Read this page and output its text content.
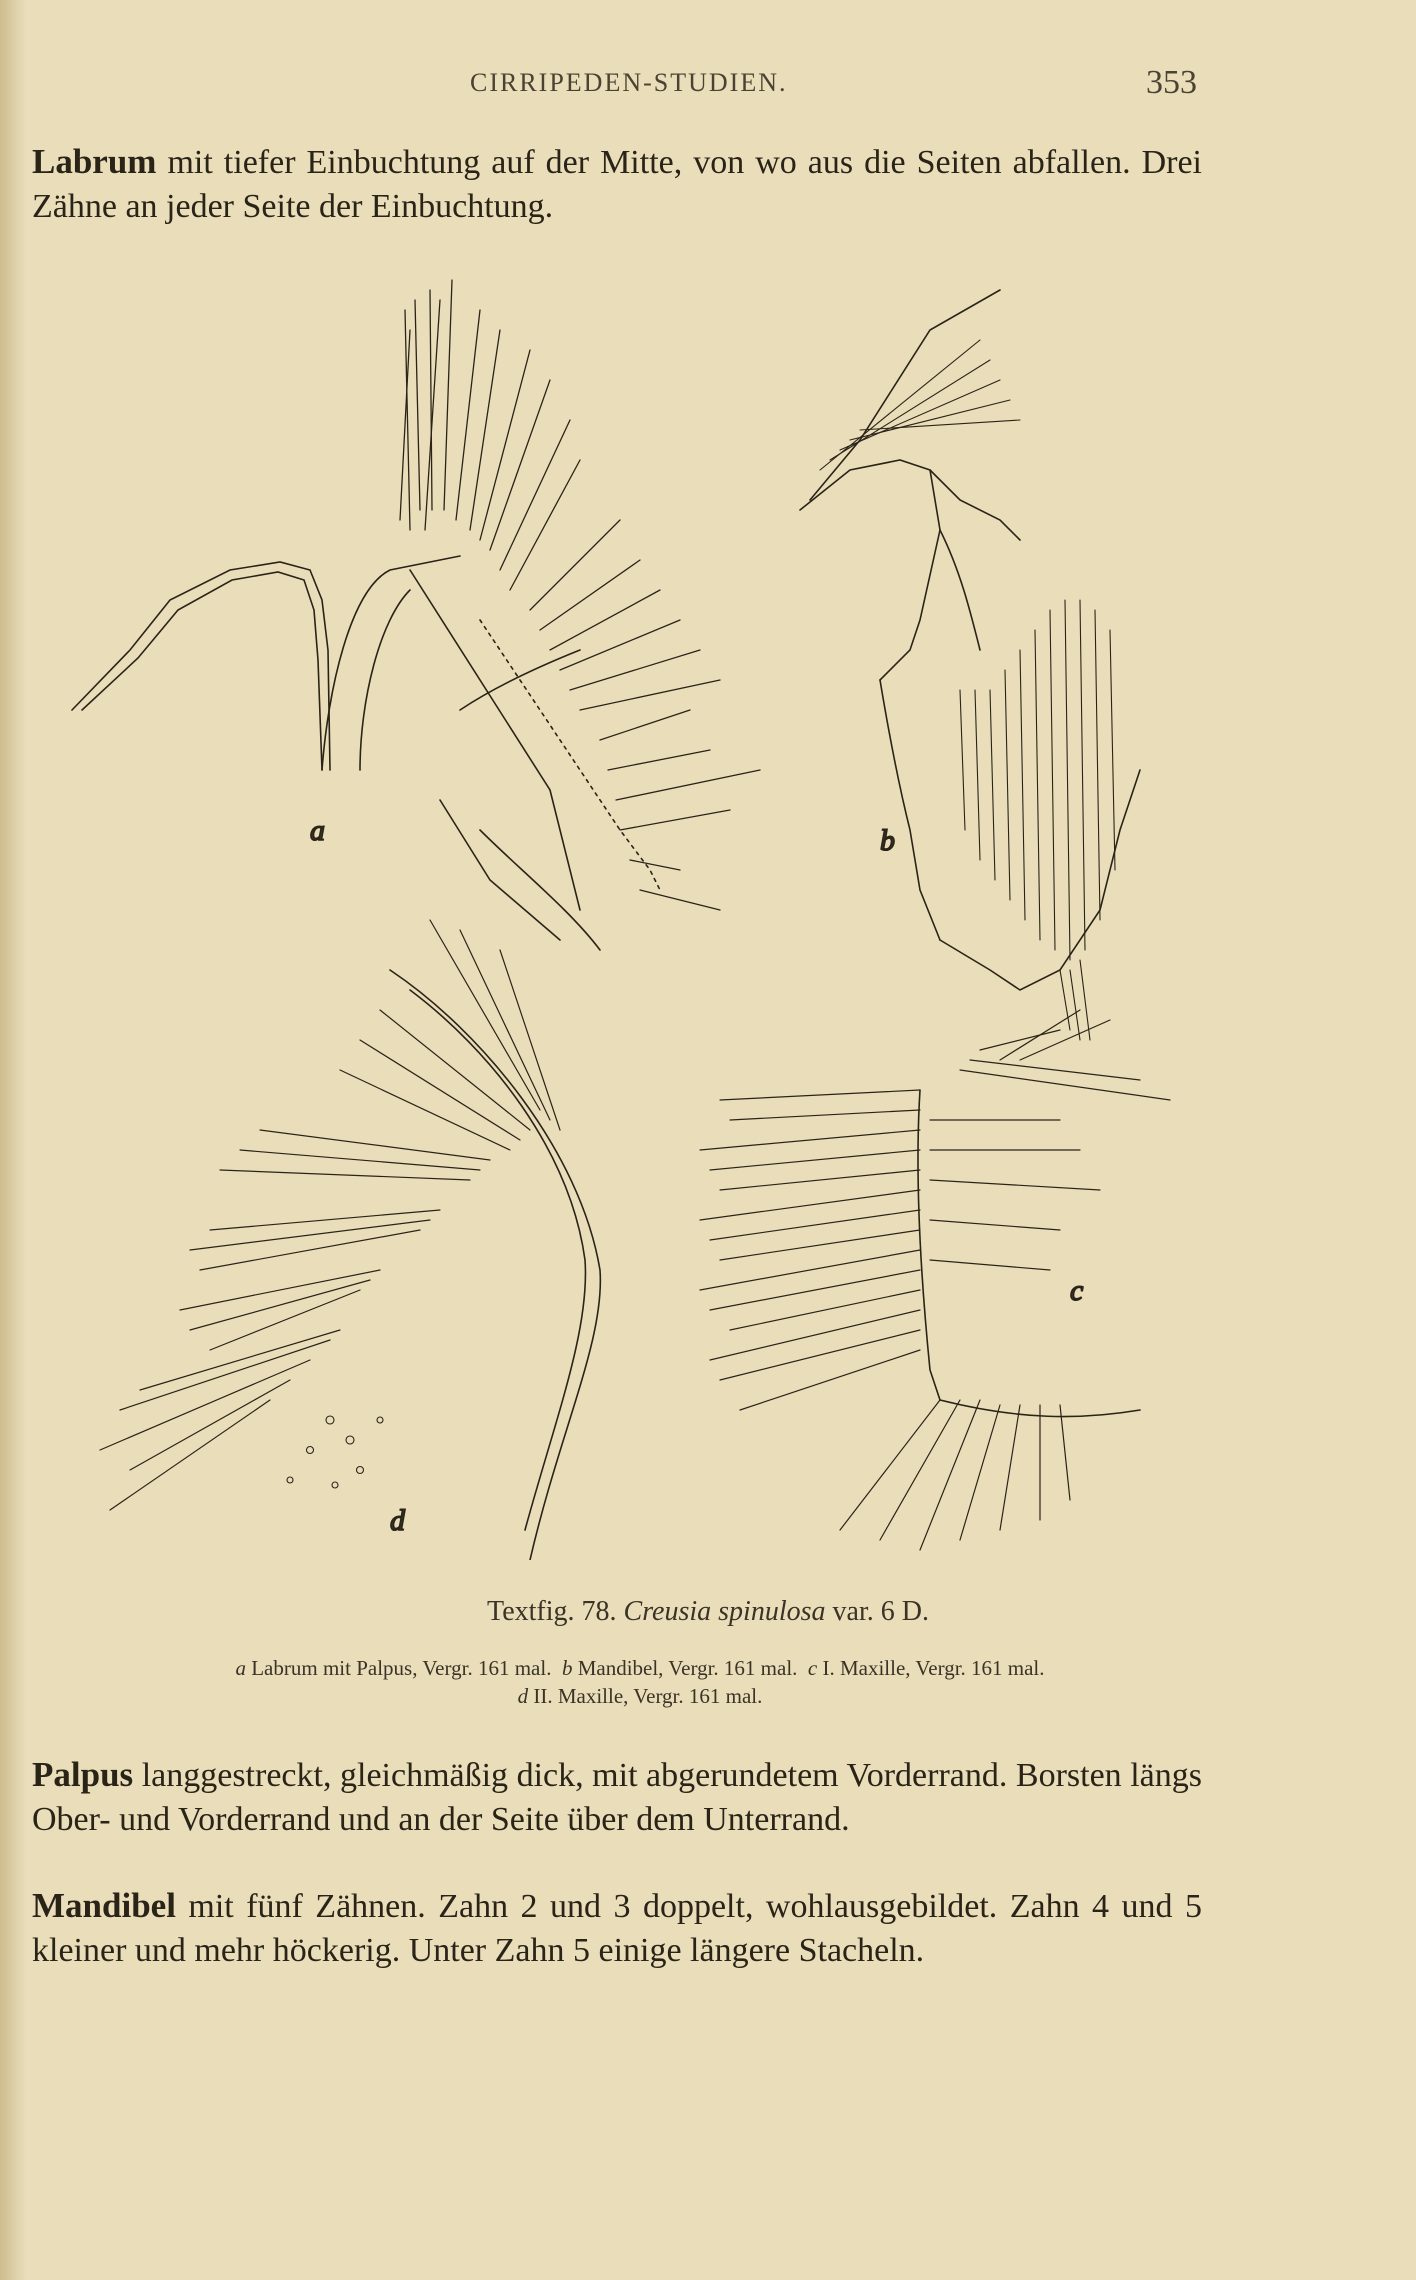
CIRRIPEDEN-STUDIEN.	353

Labrum mit tiefer Einbuchtung auf der Mitte, von wo aus die Seiten abfallen. Drei Zähne an jeder Seite der Einbuchtung.

a	b
c
d
Textfig. 78. Creusia spinulosa var. 6 D.
a Labrum mit Palpus, Vergr. 161 mal. b Mandibel, Vergr. 161 mal. c I. Maxille, Vergr. 161 mal.
d II. Maxille, Vergr. 161 mal.

Palpus langgestreckt, gleichmäßig dick, mit abgerundetem Vorderrand. Borsten längs Ober- und Vorderrand und an der Seite über dem Unterrand.

Mandibel mit fünf Zähnen. Zahn 2 und 3 doppelt, wohlausgebildet. Zahn 4 und 5 kleiner und mehr höckerig. Unter Zahn 5 einige längere Stacheln.
